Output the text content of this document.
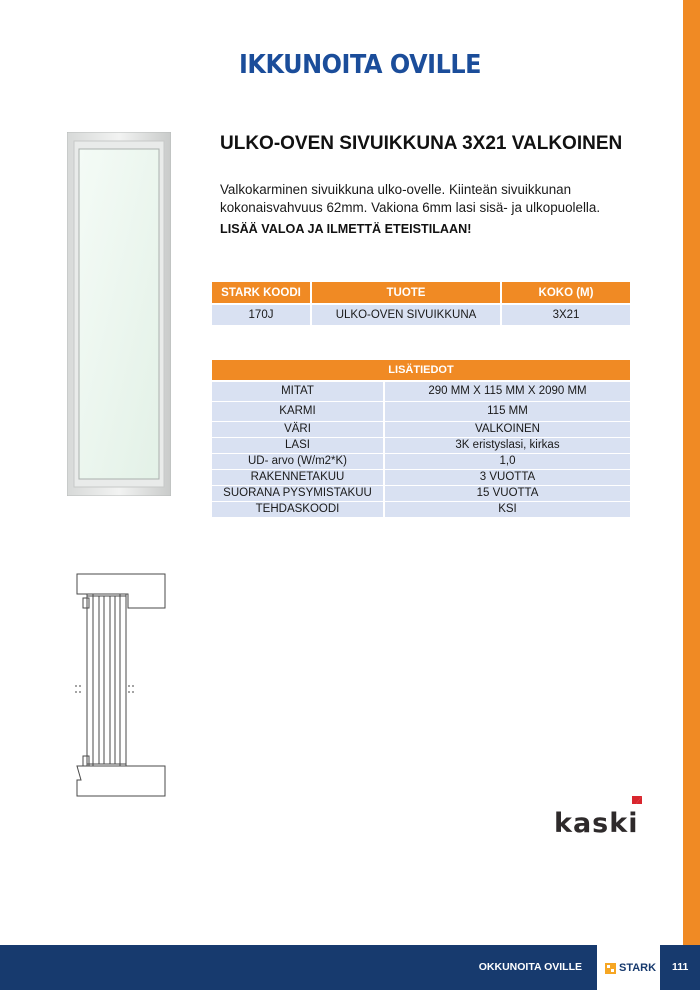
IKKUNOITA OVILLE
ULKO-OVEN SIVUIKKUNA 3X21 VALKOINEN
Valkokarminen sivuikkuna ulko-ovelle. Kiinteän sivuikkunan
kokonaisvahvuus 62mm. Vakiona 6mm lasi sisä- ja ulkopuolella.
LISÄÄ VALOA JA ILMETTÄ ETEISTILAAN!
STARK KOODI	TUOTE	KOKO (M)
170J	ULKO-OVEN SIVUIKKUNA	3X21
LISÄTIEDOT	
MITAT	290 MM X 115 MM X 2090 MM
KARMI	115 MM
VÄRI	VALKOINEN
LASI	3K eristyslasi, kirkas
UD- arvo (W/m2*K)	1,0
RAKENNETAKUU	3 VUOTTA
SUORANA PYSYMISTAKUU	15 VUOTTA
TEHDASKOODI	KSI
kaski
OKKUNOITA OVILLE	111
STARK
